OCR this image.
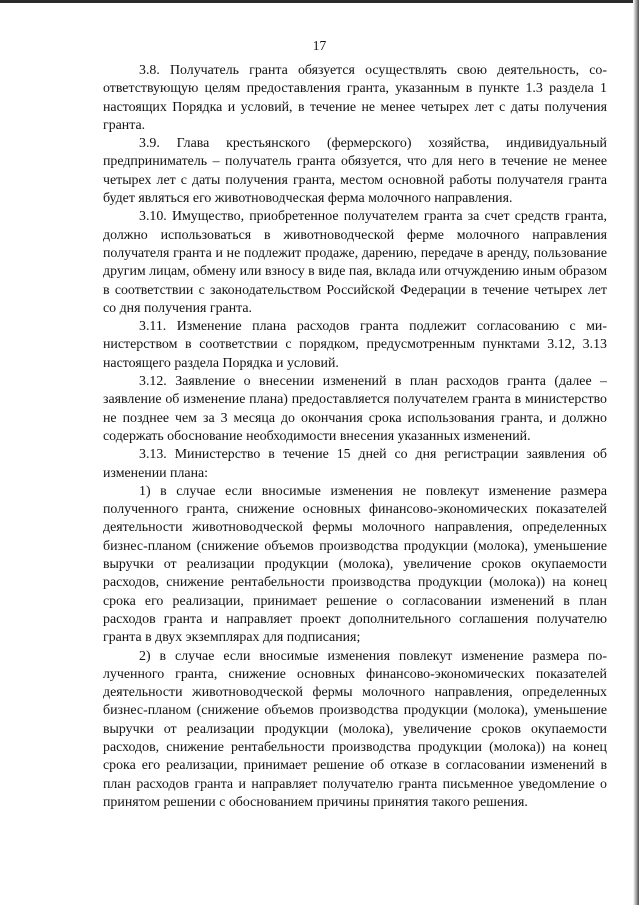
17

3.8. Получатель гранта обязуется осуществлять свою деятельность, соответствующую целям предоставления гранта, указанным в пункте 1.3 раздела 1 настоящих Порядка и условий, в течение не менее четырех лет с даты получения гранта.

3.9. Глава крестьянского (фермерского) хозяйства, индивидуальный предприниматель – получатель гранта обязуется, что для него в течение не менее четырех лет с даты получения гранта, местом основной работы получателя гранта будет являться его животноводческая ферма молочного направления.

3.10. Имущество, приобретенное получателем гранта за счет средств гранта, должно использоваться в животноводческой ферме молочного направления получателя гранта и не подлежит продаже, дарению, передаче в аренду, пользование другим лицам, обмену или взносу в виде пая, вклада или отчуждению иным образом в соответствии с законодательством Российской Федерации в течение четырех лет со дня получения гранта.

3.11. Изменение плана расходов гранта подлежит согласованию с министерством в соответствии с порядком, предусмотренным пунктами 3.12, 3.13 настоящего раздела Порядка и условий.

3.12. Заявление о внесении изменений в план расходов гранта (далее – заявление об изменение плана) предоставляется получателем гранта в министерство не позднее чем за 3 месяца до окончания срока использования гранта, и должно содержать обоснование необходимости внесения указанных изменений.

3.13. Министерство в течение 15 дней со дня регистрации заявления об изменении плана:

1) в случае если вносимые изменения не повлекут изменение размера полученного гранта, снижение основных финансово-экономических показателей деятельности животноводческой фермы молочного направления, определенных бизнес-планом (снижение объемов производства продукции (молока), уменьшение выручки от реализации продукции (молока), увеличение сроков окупаемости расходов, снижение рентабельности производства продукции (молока)) на конец срока его реализации, принимает решение о согласовании изменений в план расходов гранта и направляет проект дополнительного соглашения получателю гранта в двух экземплярах для подписания;

2) в случае если вносимые изменения повлекут изменение размера полученного гранта, снижение основных финансово-экономических показателей деятельности животноводческой фермы молочного направления, определенных бизнес-планом (снижение объемов производства продукции (молока), уменьшение выручки от реализации продукции (молока), увеличение сроков окупаемости расходов, снижение рентабельности производства продукции (молока)) на конец срока его реализации, принимает решение об отказе в согласовании изменений в план расходов гранта и направляет получателю гранта письменное уведомление о принятом решении с обоснованием причины принятия такого решения.
